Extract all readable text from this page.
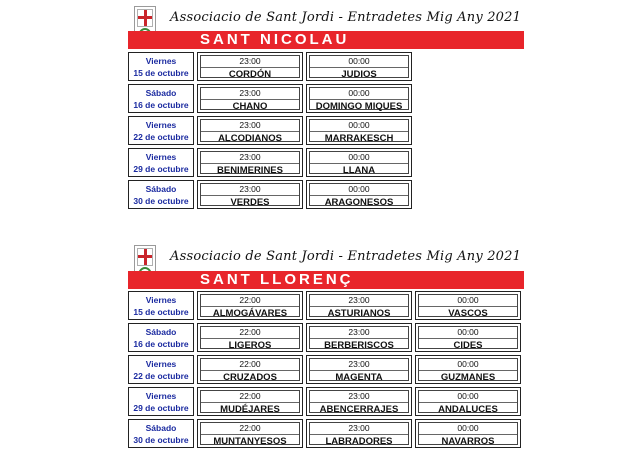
Associacio de Sant Jordi - Entradetes Mig Any 2021
SANT NICOLAU
Associacio de Sant Jordi - Entradetes Mig Any 2021
SANT LLORENÇ
Viernes
15 de octubre
23:00
CORDÓN
00:00
JUDIOS
Sábado
16 de octubre
23:00
CHANO
00:00
DOMINGO MIQUES
Viernes
22 de octubre
23:00
ALCODIANOS
00:00
MARRAKESCH
Viernes
29 de octubre
23:00
BENIMERINES
00:00
LLANA
Sábado
30 de octubre
23:00
VERDES
00:00
ARAGONESOS
Viernes
15 de octubre
22:00
ALMOGÁVARES
23:00
ASTURIANOS
00:00
VASCOS
Sábado
16 de octubre
22:00
LIGEROS
23:00
BERBERISCOS
00:00
CIDES
Viernes
22 de octubre
22:00
CRUZADOS
23:00
MAGENTA
00:00
GUZMANES
Viernes
29 de octubre
22:00
MUDÉJARES
23:00
ABENCERRAJES
00:00
ANDALUCES
Sábado
30 de octubre
22:00
MUNTANYESOS
23:00
LABRADORES
00:00
NAVARROS
